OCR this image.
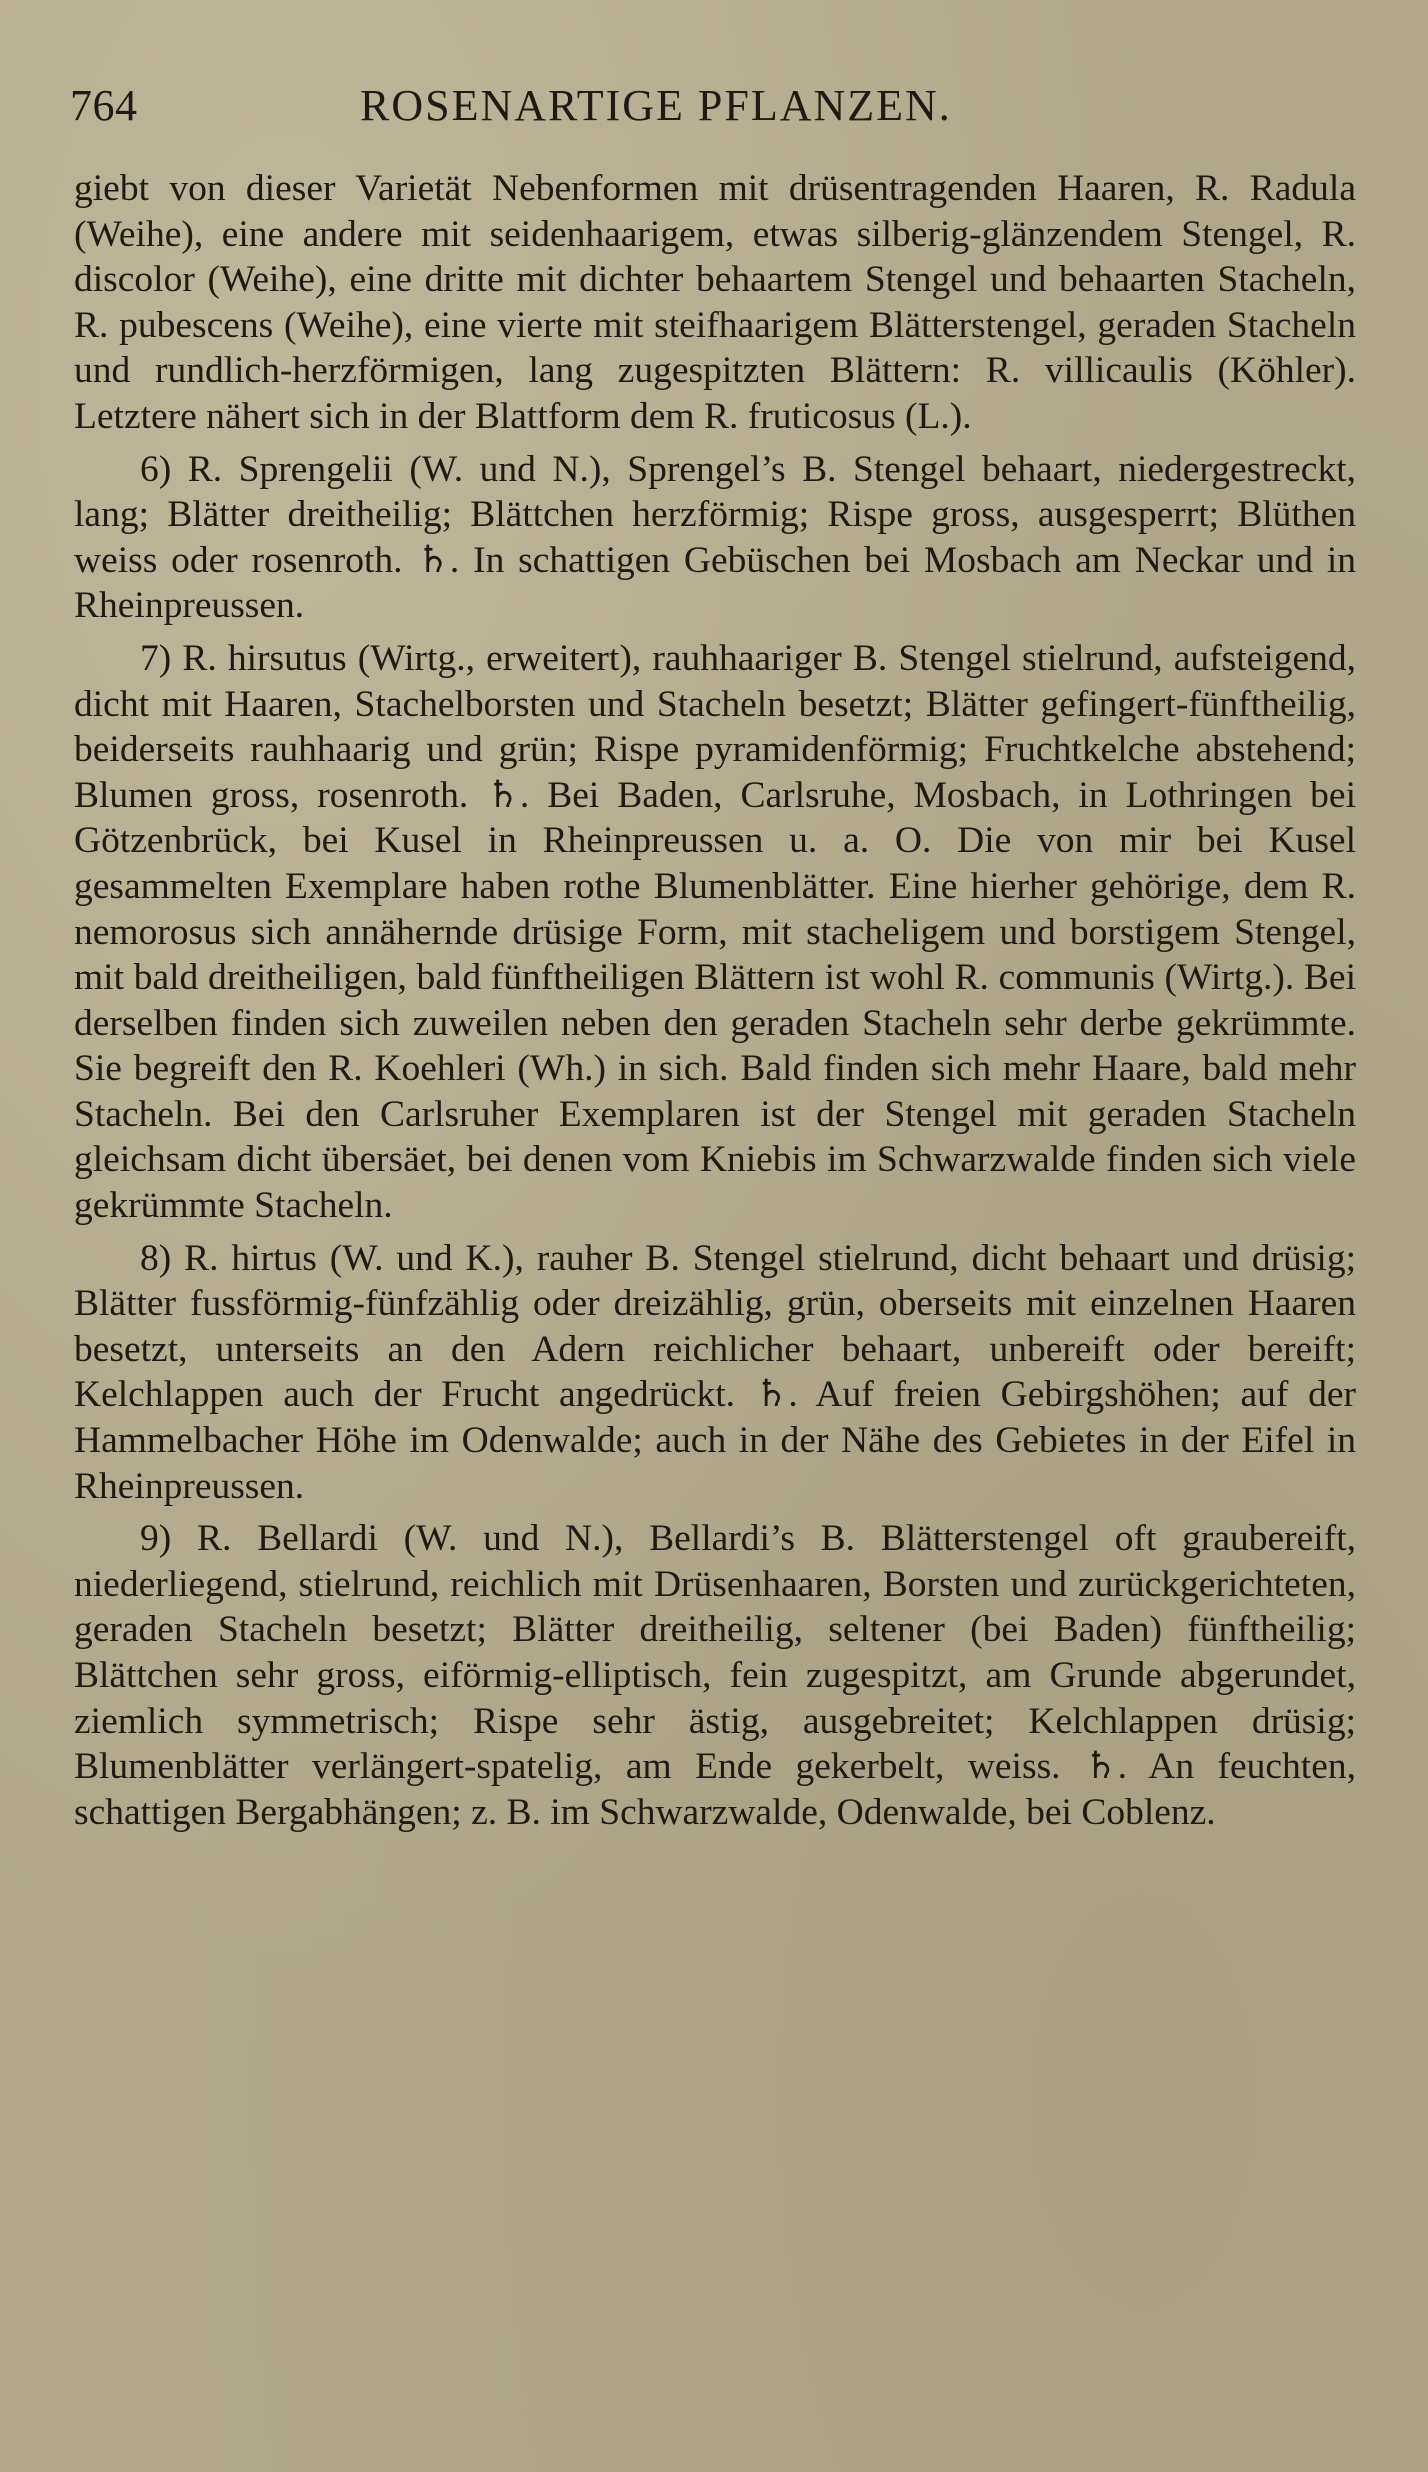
764	ROSENARTIGE PFLANZEN.

giebt von dieser Varietät Nebenformen mit drüsentragenden Haaren, R. Radula (Weihe), eine andere mit seidenhaarigem, etwas silberig-glänzendem Stengel, R. discolor (Weihe), eine dritte mit dichter behaartem Stengel und behaarten Stacheln, R. pubescens (Weihe), eine vierte mit steifhaarigem Blätterstengel, geraden Stacheln und rundlich-herzförmigen, lang zugespitzten Blättern: R. villicaulis (Köhler). Letztere nähert sich in der Blattform dem R. fruticosus (L.).

6) R. Sprengelii (W. und N.), Sprengel’s B. Stengel behaart, niedergestreckt, lang; Blätter dreitheilig; Blättchen herzförmig; Rispe gross, ausgesperrt; Blüthen weiss oder rosenroth. ♄. In schattigen Gebüschen bei Mosbach am Neckar und in Rheinpreussen.

7) R. hirsutus (Wirtg., erweitert), rauhhaariger B. Stengel stielrund, aufsteigend, dicht mit Haaren, Stachelborsten und Stacheln besetzt; Blätter gefingert-fünftheilig, beiderseits rauhhaarig und grün; Rispe pyramidenförmig; Fruchtkelche abstehend; Blumen gross, rosenroth. ♄. Bei Baden, Carlsruhe, Mosbach, in Lothringen bei Götzenbrück, bei Kusel in Rheinpreussen u. a. O. Die von mir bei Kusel gesammelten Exemplare haben rothe Blumenblätter. Eine hierher gehörige, dem R. nemorosus sich annähernde drüsige Form, mit stacheligem und borstigem Stengel, mit bald dreitheiligen, bald fünftheiligen Blättern ist wohl R. communis (Wirtg.). Bei derselben finden sich zuweilen neben den geraden Stacheln sehr derbe gekrümmte. Sie begreift den R. Koehleri (Wh.) in sich. Bald finden sich mehr Haare, bald mehr Stacheln. Bei den Carlsruher Exemplaren ist der Stengel mit geraden Stacheln gleichsam dicht übersäet, bei denen vom Kniebis im Schwarzwalde finden sich viele gekrümmte Stacheln.

8) R. hirtus (W. und K.), rauher B. Stengel stielrund, dicht behaart und drüsig; Blätter fussförmig-fünfzählig oder dreizählig, grün, oberseits mit einzelnen Haaren besetzt, unterseits an den Adern reichlicher behaart, unbereift oder bereift; Kelchlappen auch der Frucht angedrückt. ♄. Auf freien Gebirgshöhen; auf der Hammelbacher Höhe im Odenwalde; auch in der Nähe des Gebietes in der Eifel in Rheinpreussen.

9) R. Bellardi (W. und N.), Bellardi’s B. Blätterstengel oft graubereift, niederliegend, stielrund, reichlich mit Drüsenhaaren, Borsten und zurückgerichteten, geraden Stacheln besetzt; Blätter dreitheilig, seltener (bei Baden) fünftheilig; Blättchen sehr gross, eiförmig-elliptisch, fein zugespitzt, am Grunde abgerundet, ziemlich symmetrisch; Rispe sehr ästig, ausgebreitet; Kelchlappen drüsig; Blumenblätter verlängert-spatelig, am Ende gekerbelt, weiss. ♄. An feuchten, schattigen Bergabhängen; z. B. im Schwarzwalde, Odenwalde, bei Coblenz.
